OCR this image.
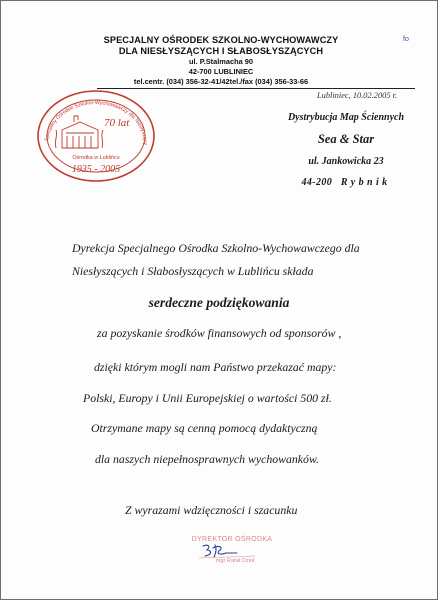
SPECJALNY OŚRODEK SZKOLNO-WYCHOWAWCZY
DLA NIESŁYSZĄCYCH I SŁABOSŁYSZĄCYCH
ul. P.Stalmacha 90
42-700 LUBLINIEC
tel.centr. (034) 356-32-41/42tel./fax (034) 356-33-66
fo
Specjalny Ośrodek Szkolno-Wychowawczy dla Niesłyszący
70 lat
Ośrodka w Lublińcu
1935 - 2005
Lubliniec, 10.02.2005 r.
Dystrybucja Map Ściennych
Sea & Star
ul. Jankowicka 23
44-200 Rybnik
Dyrekcja Specjalnego Ośrodka Szkolno-Wychowawczego dla
Niesłyszących i Słabosłyszących w Lublińcu składa
serdeczne podziękowania
za pozyskanie środków finansowych od sponsorów ,
dzięki którym mogli nam Państwo przekazać mapy:
Polski, Europy i Unii Europejskiej o wartości 500 zł.
Otrzymane mapy są cenną pomocą dydaktyczną
dla naszych niepełnosprawnych wychowanków.
Z wyrazami wdzięczności i szacunku
DYREKTOR OŚRODKA
mgr Rafał Ozioł
